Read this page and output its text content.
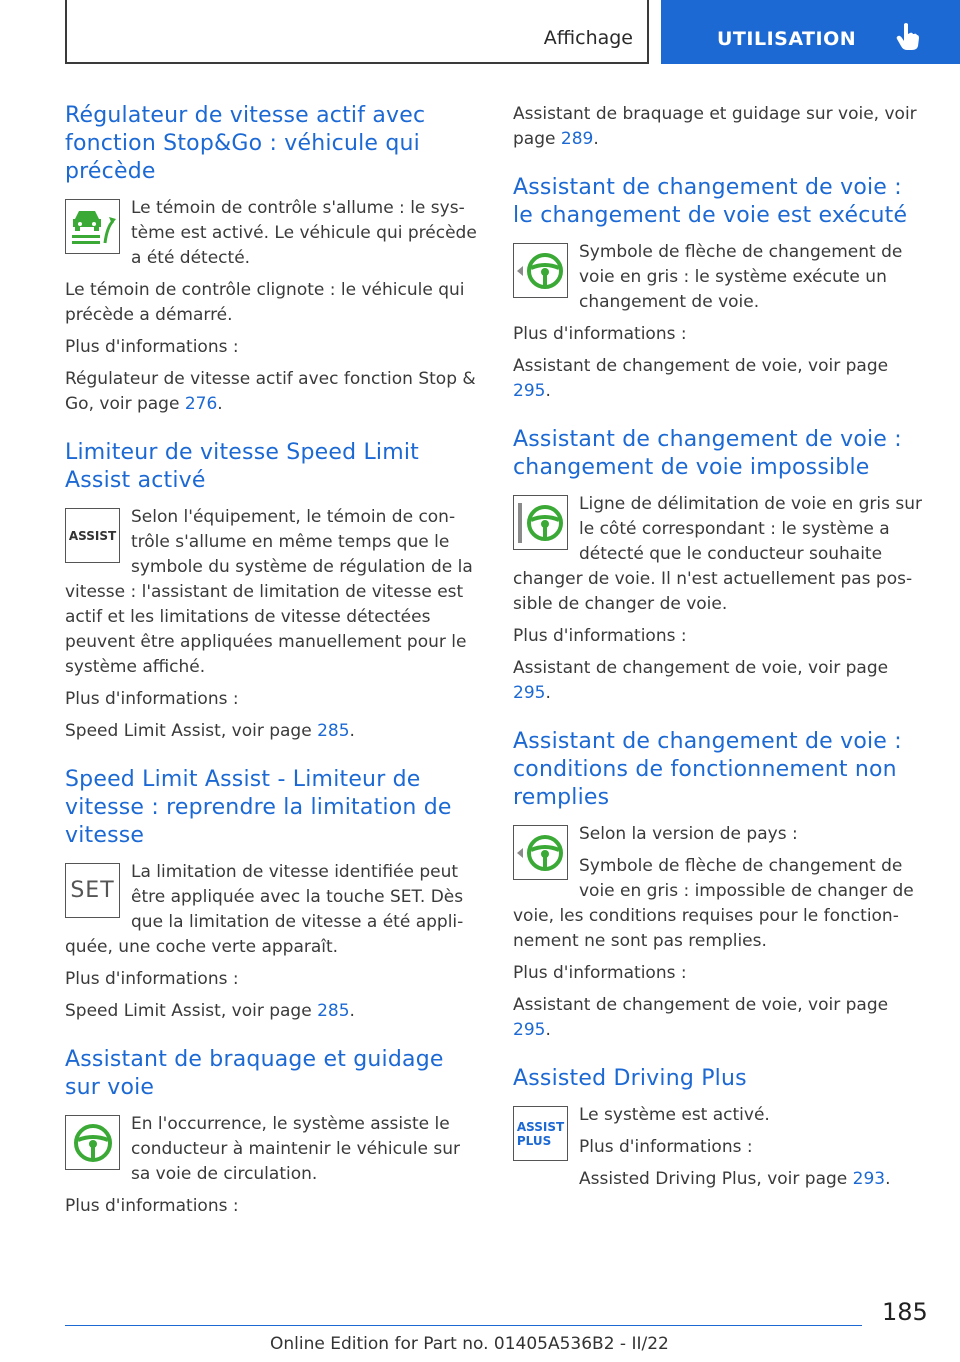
Affichage	UTILISATION
Régulateur de vitesse actif avec fonction Stop&Go : véhicule qui précède

Le témoin de contrôle s'allume : le système est activé. Le véhicule qui précède a été détecté.

Le témoin de contrôle clignote : le véhicule qui précède a démarré.

Plus d'informations :

Régulateur de vitesse actif avec fonction Stop & Go, voir page 276.

Limiteur de vitesse Speed Limit Assist activé
ASSIST

Selon l'équipement, le témoin de contrôle s'allume en même temps que le symbole du système de régulation de la vitesse : l'assistant de limitation de vitesse est actif et les limitations de vitesse détectées peuvent être appliquées manuellement pour le système affiché.

Plus d'informations :

Speed Limit Assist, voir page 285.

Speed Limit Assist - Limiteur de vitesse : reprendre la limitation de vitesse
SET

La limitation de vitesse identifiée peut être appliquée avec la touche SET. Dès que la limitation de vitesse a été appliquée, une coche verte apparaît.

Plus d'informations :

Speed Limit Assist, voir page 285.

Assistant de braquage et guidage sur voie

En l'occurrence, le système assiste le conducteur à maintenir le véhicule sur sa voie de circulation.

Plus d'informations :

Assistant de braquage et guidage sur voie, voir page 289.

Assistant de changement de voie : le changement de voie est exécuté

Symbole de flèche de changement de voie en gris : le système exécute un changement de voie.

Plus d'informations :

Assistant de changement de voie, voir page 295.

Assistant de changement de voie : changement de voie impossible

Ligne de délimitation de voie en gris sur le côté correspondant : le système a détecté que le conducteur souhaite changer de voie. Il n'est actuellement pas possible de changer de voie.

Plus d'informations :

Assistant de changement de voie, voir page 295.

Assistant de changement de voie : conditions de fonctionnement non remplies

Selon la version de pays :

Symbole de flèche de changement de voie en gris : impossible de changer de voie, les conditions requises pour le fonctionnement ne sont pas remplies.

Plus d'informations :

Assistant de changement de voie, voir page 295.

Assisted Driving Plus
ASSIST
PLUS

Le système est activé.

Plus d'informations :

Assisted Driving Plus, voir page 293.

185
Online Edition for Part no. 01405A536B2 - II/22
